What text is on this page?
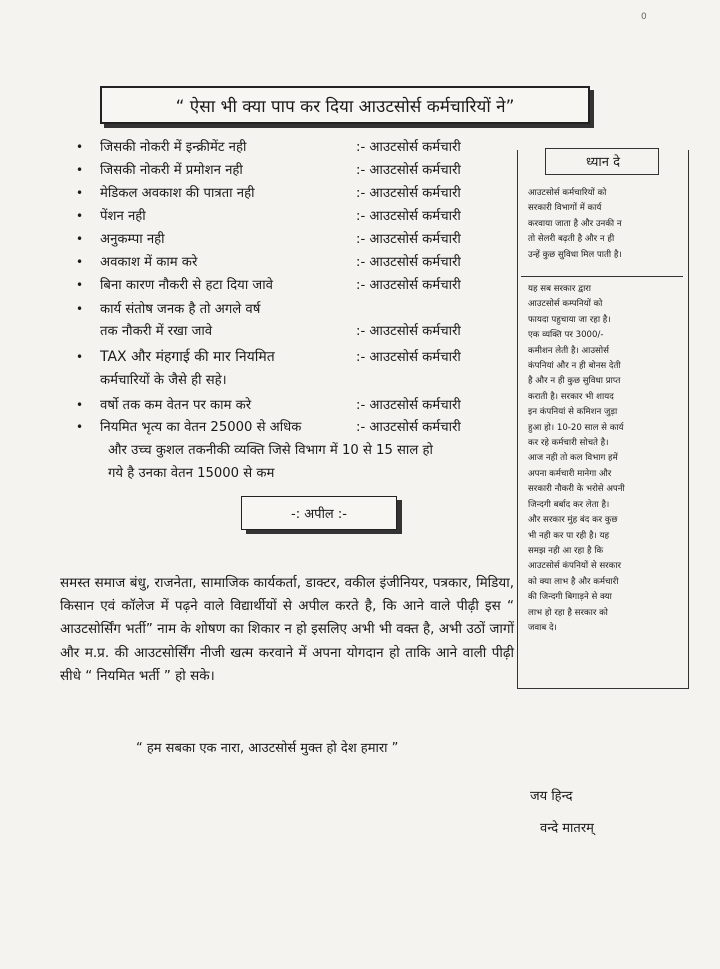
0
“ ऐसा भी क्या पाप कर दिया आउटसोर्स कर्मचारियों ने”
• जिसकी नोकरी में इन्क्रीमेंट नही	:- आउटसोर्स कर्मचारी
• जिसकी नोकरी में प्रमोशन नही	:- आउटसोर्स कर्मचारी
• मेडिकल अवकाश की पात्रता नही	:- आउटसोर्स कर्मचारी
• पेंशन नही	:- आउटसोर्स कर्मचारी
• अनुकम्पा नही	:- आउटसोर्स कर्मचारी
• अवकाश में काम करे	:- आउटसोर्स कर्मचारी
• बिना कारण नौकरी से हटा दिया जावे	:- आउटसोर्स कर्मचारी
• कार्य संतोष जनक है तो अगले वर्ष
तक नौकरी में रखा जावे	:- आउटसोर्स कर्मचारी
• TAX और मंहगाई की मार नियमित	:- आउटसोर्स कर्मचारी
कर्मचारियों के जैसे ही सहे।
• वर्षो तक कम वेतन पर काम करे	:- आउटसोर्स कर्मचारी
• नियमित भृत्य का वेतन 25000 से अधिक	:- आउटसोर्स कर्मचारी
और उच्च कुशल तकनीकी व्यक्ति जिसे विभाग में 10 से 15 साल हो
गये है उनका वेतन 15000 से कम
ध्यान दे
आउटसोर्स कर्मचारियों को
सरकारी विभागों में कार्य
करवाया जाता है और उनकी न
तो सेलरी बढ़ती है और न ही
उन्हें कुछ सुविधा मिल पाती है।
यह सब सरकार द्वारा
आउटसोर्स कम्पनियों को
फायदा पहुचाया जा रहा है।
एक व्यक्ति पर 3000/-
कमीशन लेती है। आउसोर्स
कंपनियां और न ही बोनस देती
है और न ही कुछ सुविधा प्राप्त
कराती है। सरकार भी शायद
इन कंपनियां से कमिशन जुड़ा
हुआ हो। 10-20 साल से कार्य
कर रहे कर्मचारी सोचते है।
आज नही तो कल विभाग हमें
अपना कर्मचारी मानेगा और
सरकारी नौकरी के भरोसे अपनी
जिन्दगी बर्बाद कर लेता है।
और सरकार मुंह बंद कर कुछ
भी नही कर पा रही है। यह
समझ नही आ रहा है कि
आउटसोर्स कंपनियों से सरकार
को क्या लाभ है और कर्मचारी
की जिन्दगी बिगाड़ने से क्या
लाभ हो रहा है सरकार को
जवाब दे।
-: अपील :-
समस्त समाज बंधु, राजनेता, सामाजिक कार्यकर्ता, डाक्टर, वकील इंजीनियर, पत्रकार, मिडिया, किसान एवं कॉलेज में पढ़ने वाले विद्यार्थीयों से अपील करते है, कि आने वाले पीढ़ी इस “ आउटसोर्सिंग भर्ती” नाम के शोषण का शिकार न हो इसलिए अभी भी वक्त है, अभी उठों जागों और म.प्र. की आउटसोर्सिंग नीजी खत्म करवाने में अपना योगदान हो ताकि आने वाली पीढ़ी सीधे “ नियमित भर्ती ” हो सके।
“ हम सबका एक नारा, आउटसोर्स मुक्त हो देश हमारा ”
जय हिन्द
वन्दे मातरम्
